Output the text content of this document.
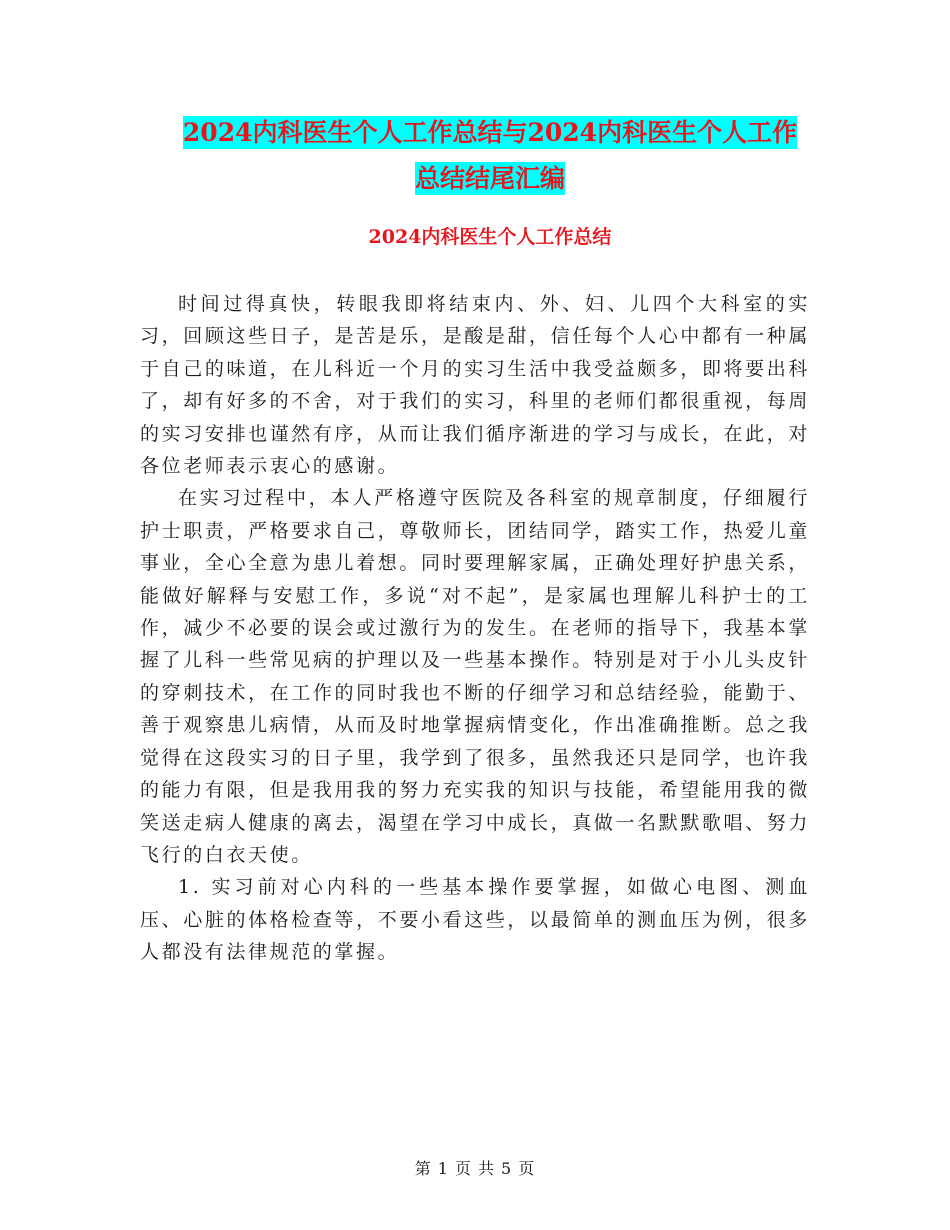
2024内科医生个人工作总结与2024内科医生个人工作
总结结尾汇编
2024内科医生个人工作总结

时间过得真快，转眼我即将结束内、外、妇、儿四个大科室的实习，回顾这些日子，是苦是乐，是酸是甜，信任每个人心中都有一种属于自己的味道，在儿科近一个月的实习生活中我受益颇多，即将要出科了，却有好多的不舍，对于我们的实习，科里的老师们都很重视，每周的实习安排也谨然有序，从而让我们循序渐进的学习与成长，在此，对各位老师表示衷心的感谢。

在实习过程中，本人严格遵守医院及各科室的规章制度，仔细履行护士职责，严格要求自己，尊敬师长，团结同学，踏实工作，热爱儿童事业，全心全意为患儿着想。同时要理解家属，正确处理好护患关系，能做好解释与安慰工作，多说“对不起”，是家属也理解儿科护士的工作，减少不必要的误会或过激行为的发生。在老师的指导下，我基本掌握了儿科一些常见病的护理以及一些基本操作。特别是对于小儿头皮针的穿刺技术，在工作的同时我也不断的仔细学习和总结经验，能勤于、善于观察患儿病情，从而及时地掌握病情变化，作出准确推断。总之我觉得在这段实习的日子里，我学到了很多，虽然我还只是同学，也许我的能力有限，但是我用我的努力充实我的知识与技能，希望能用我的微笑送走病人健康的离去，渴望在学习中成长，真做一名默默歌唱、努力飞行的白衣天使。

1. 实习前对心内科的一些基本操作要掌握，如做心电图、测血压、心脏的体格检查等，不要小看这些，以最简单的测血压为例，很多人都没有法律规范的掌握。

第 1 页 共 5 页
